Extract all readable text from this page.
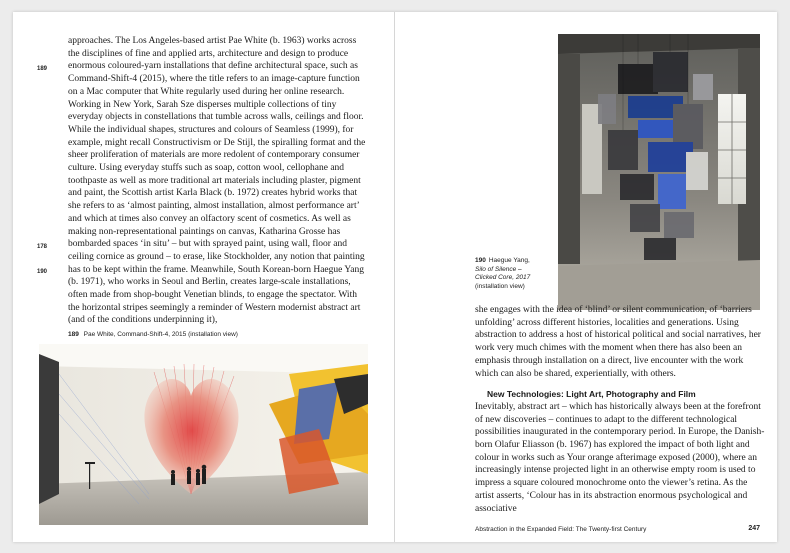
189
178
190

approaches. The Los Angeles-based artist Pae White (b. 1963) works across the disciplines of fine and applied arts, architecture and design to produce enormous coloured-yarn installations that define architectural space, such as Command-Shift-4 (2015), where the title refers to an image-capture function on a Mac computer that White regularly used during her online research. Working in New York, Sarah Sze disperses multiple collections of tiny everyday objects in constellations that tumble across walls, ceilings and floor. While the individual shapes, structures and colours of Seamless (1999), for example, might recall Constructivism or De Stijl, the spiralling format and the sheer proliferation of materials are more redolent of contemporary consumer culture. Using everyday stuffs such as soap, cotton wool, cellophane and toothpaste as well as more traditional art materials including plaster, pigment and paint, the Scottish artist Karla Black (b. 1972) creates hybrid works that she refers to as ‘almost painting, almost installation, almost performance art’ and which at times also convey an olfactory scent of cosmetics. As well as making non-representational paintings on canvas, Katharina Grosse has bombarded spaces ‘in situ’ – but with sprayed paint, using wall, floor and ceiling cornice as ground – to erase, like Stockholder, any notion that painting has to be kept within the frame. Meanwhile, South Korean-born Haegue Yang (b. 1971), who works in Seoul and Berlin, creates large-scale installations, often made from shop-bought Venetian blinds, to engage the spectator. With the horizontal stripes seemingly a reminder of Western modernist abstract art (and of the conditions underpinning it),

189 Pae White, Command-Shift-4, 2015 (installation view)
190 Haegue Yang,
Silo of Silence –
Clicked Core, 2017
(installation view)

she engages with the idea of ‘blind’ or silent communication, of ‘barriers unfolding’ across different histories, localities and generations. Using abstraction to address a host of historical political and social narratives, her work very much chimes with the moment when there has also been an emphasis through installation on a direct, live encounter with the work which can also be shared, experientially, with others.

New Technologies: Light Art, Photography and Film

Inevitably, abstract art – which has historically always been at the forefront of new discoveries – continues to adapt to the different technological possibilities inaugurated in the contemporary period. In Europe, the Danish-born Olafur Eliasson (b. 1967) has explored the impact of both light and colour in works such as Your orange afterimage exposed (2000), where an increasingly intense projected light in an otherwise empty room is used to impress a square coloured monochrome onto the viewer’s retina. As the artist asserts, ‘Colour has in its abstraction enormous psychological and associative

Abstraction in the Expanded Field: The Twenty-first Century	247
